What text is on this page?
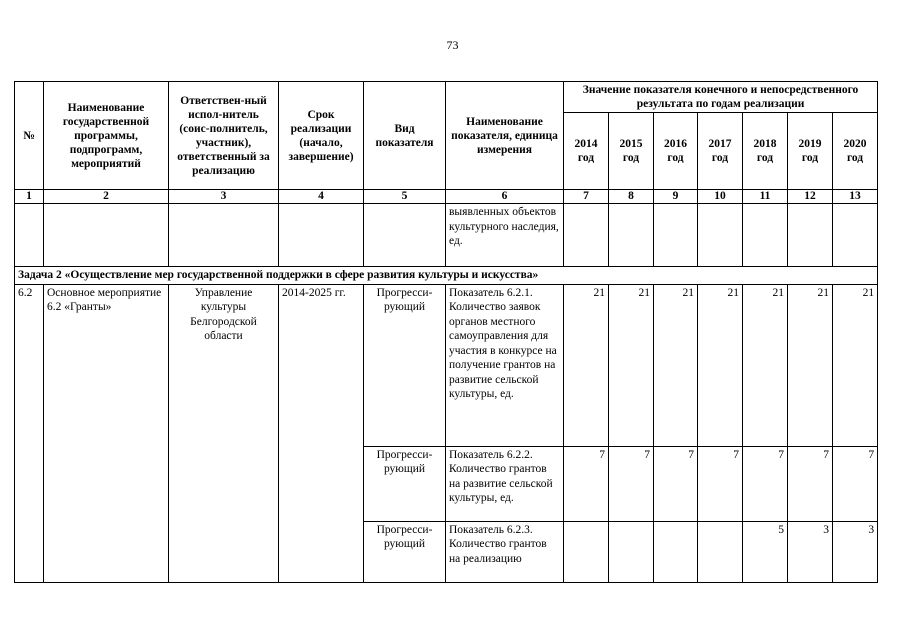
73
№	Наименование государственной программы, подпрограмм, мероприятий	Ответствен-ный испол-нитель (соис-полнитель, участник), ответственный за реализацию	Срок реализации (начало, завершение)	Вид показателя	Наименование показателя, единица измерения	Значение показателя конечного и непосредственного результата по годам реализации						
						2014 год	2015 год	2016 год	2017 год	2018 год	2019 год	2020 год
1	2	3	4	5	6	7	8	9	10	11	12	13
					выявленных объектов культурного наследия, ед.							
Задача 2 «Осуществление мер государственной поддержки в сфере развития культуры и искусства»												
6.2	Основное мероприятие 6.2 «Гранты»	Управление культуры Белгородской области	2014-2025 гг.	Прогресси-рующий	Показатель 6.2.1. Количество заявок органов местного самоуправления для участия в конкурсе на получение грантов на развитие сельской культуры, ед.	21	21	21	21	21	21	21
				Прогресси-рующий	Показатель 6.2.2. Количество грантов на развитие сельской культуры, ед.	7	7	7	7	7	7	7
				Прогресси-рующий	Показатель 6.2.3. Количество грантов на реализацию					5	3	3
